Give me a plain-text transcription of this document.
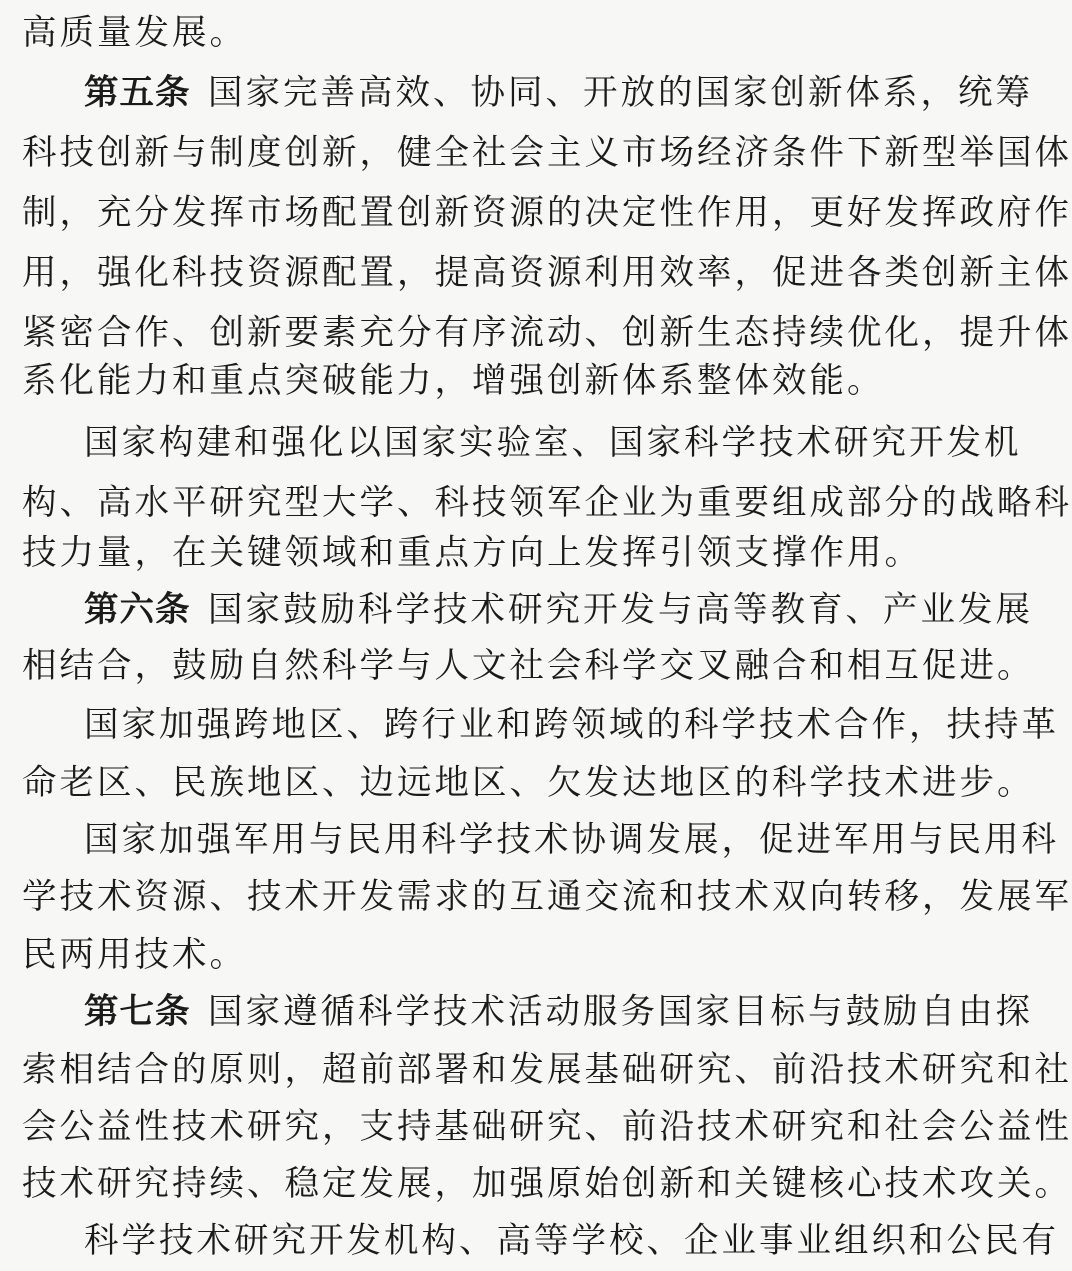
高质量发展。
第五条 国家完善高效、协同、开放的国家创新体系，统筹
科技创新与制度创新，健全社会主义市场经济条件下新型举国体
制，充分发挥市场配置创新资源的决定性作用，更好发挥政府作
用，强化科技资源配置，提高资源利用效率，促进各类创新主体
紧密合作、创新要素充分有序流动、创新生态持续优化，提升体
系化能力和重点突破能力，增强创新体系整体效能。
国家构建和强化以国家实验室、国家科学技术研究开发机
构、高水平研究型大学、科技领军企业为重要组成部分的战略科
技力量，在关键领域和重点方向上发挥引领支撑作用。
第六条 国家鼓励科学技术研究开发与高等教育、产业发展
相结合，鼓励自然科学与人文社会科学交叉融合和相互促进。
国家加强跨地区、跨行业和跨领域的科学技术合作，扶持革
命老区、民族地区、边远地区、欠发达地区的科学技术进步。
国家加强军用与民用科学技术协调发展，促进军用与民用科
学技术资源、技术开发需求的互通交流和技术双向转移，发展军
民两用技术。
第七条 国家遵循科学技术活动服务国家目标与鼓励自由探
索相结合的原则，超前部署和发展基础研究、前沿技术研究和社
会公益性技术研究，支持基础研究、前沿技术研究和社会公益性
技术研究持续、稳定发展，加强原始创新和关键核心技术攻关。
科学技术研究开发机构、高等学校、企业事业组织和公民有
